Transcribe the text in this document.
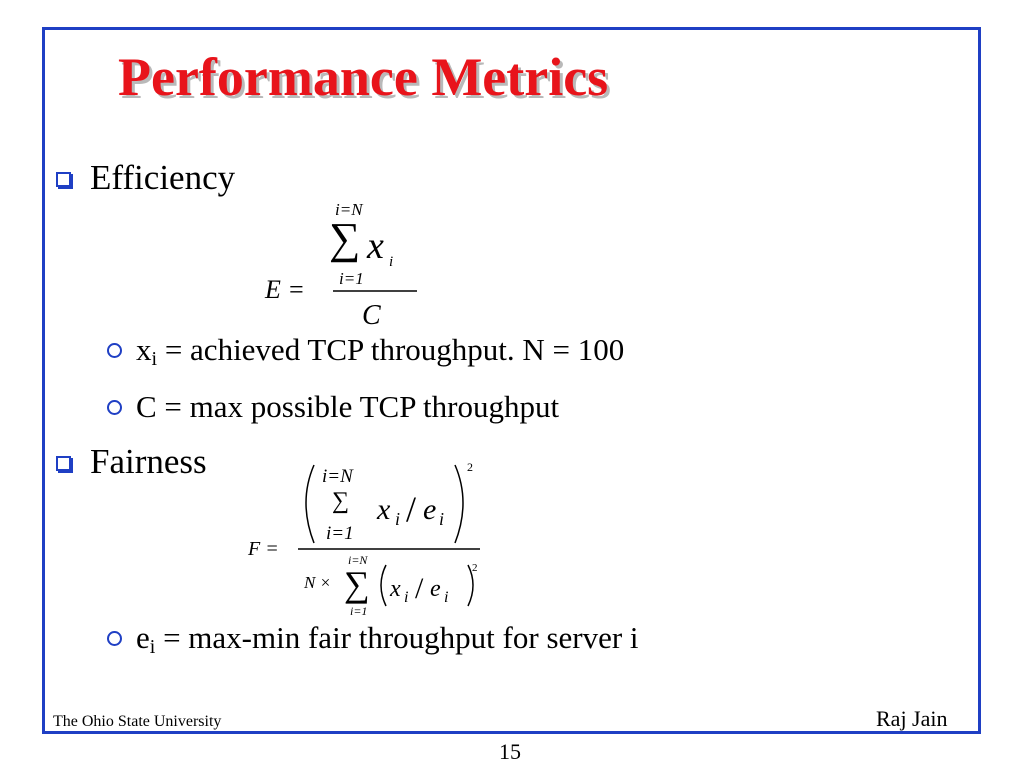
Performance Metrics
Efficiency
E =
i=N
∑ x i
i=1
C
$x_i$ = achieved TCP throughput. N = 100
C = max possible TCP throughput
Fairness
F =
i=N
∑
i=1
x i / e i
2
N ×
i=N
∑
i=1
x i / e i
2
$e_i = \max-\min$ fair throughput for server i
The Ohio State University	Raj Jain
15
